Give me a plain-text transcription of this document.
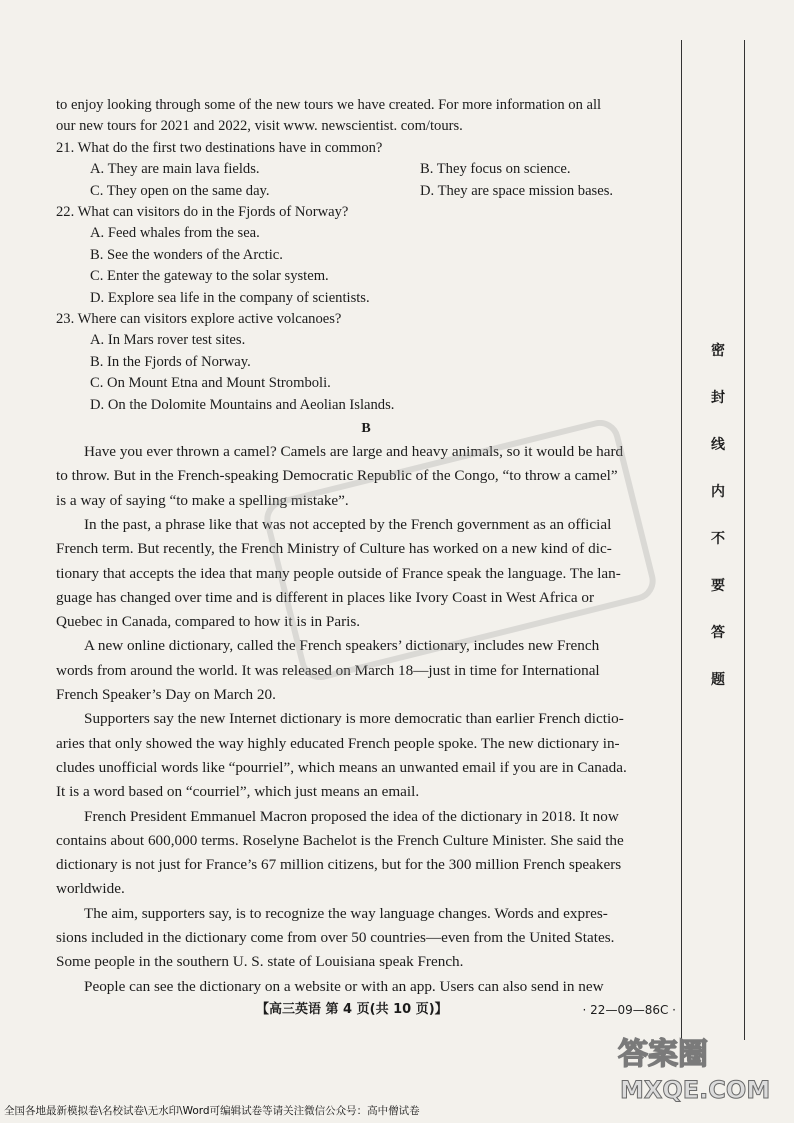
to enjoy looking through some of the new tours we have created. For more information on all
our new tours for 2021 and 2022, visit www. newscientist. com/tours.
21. What do the first two destinations have in common?
A. They are main lava fields.	B. They focus on science.
C. They open on the same day.	D. They are space mission bases.
22. What can visitors do in the Fjords of Norway?
A. Feed whales from the sea.
B. See the wonders of the Arctic.
C. Enter the gateway to the solar system.
D. Explore sea life in the company of scientists.
23. Where can visitors explore active volcanoes?
A. In Mars rover test sites.
B. In the Fjords of Norway.
C. On Mount Etna and Mount Stromboli.
D. On the Dolomite Mountains and Aeolian Islands.
B
Have you ever thrown a camel? Camels are large and heavy animals, so it would be hard
to throw. But in the French-speaking Democratic Republic of the Congo, “to throw a camel”
is a way of saying “to make a spelling mistake”.
In the past, a phrase like that was not accepted by the French government as an official
French term. But recently, the French Ministry of Culture has worked on a new kind of dic-
tionary that accepts the idea that many people outside of France speak the language. The lan-
guage has changed over time and is different in places like Ivory Coast in West Africa or
Quebec in Canada, compared to how it is in Paris.
A new online dictionary, called the French speakers’ dictionary, includes new French
words from around the world. It was released on March 18—just in time for International
French Speaker’s Day on March 20.
Supporters say the new Internet dictionary is more democratic than earlier French dictio-
aries that only showed the way highly educated French people spoke. The new dictionary in-
cludes unofficial words like “pourriel”, which means an unwanted email if you are in Canada.
It is a word based on “courriel”, which just means an email.
French President Emmanuel Macron proposed the idea of the dictionary in 2018. It now
contains about 600,000 terms. Roselyne Bachelot is the French Culture Minister. She said the
dictionary is not just for France’s 67 million citizens, but for the 300 million French speakers
worldwide.
The aim, supporters say, is to recognize the way language changes. Words and expres-
sions included in the dictionary come from over 50 countries—even from the United States.
Some people in the southern U. S. state of Louisiana speak French.
People can see the dictionary on a website or with an app. Users can also send in new
【高三英语 第 4 页(共 10 页)】	· 22—09—86C ·
密
封
线
内
不
要
答
题
答案圈
MXQE.COM
全国各地最新模拟卷\名校试卷\无水印\Word可编辑试卷等请关注微信公众号：高中僧试卷
